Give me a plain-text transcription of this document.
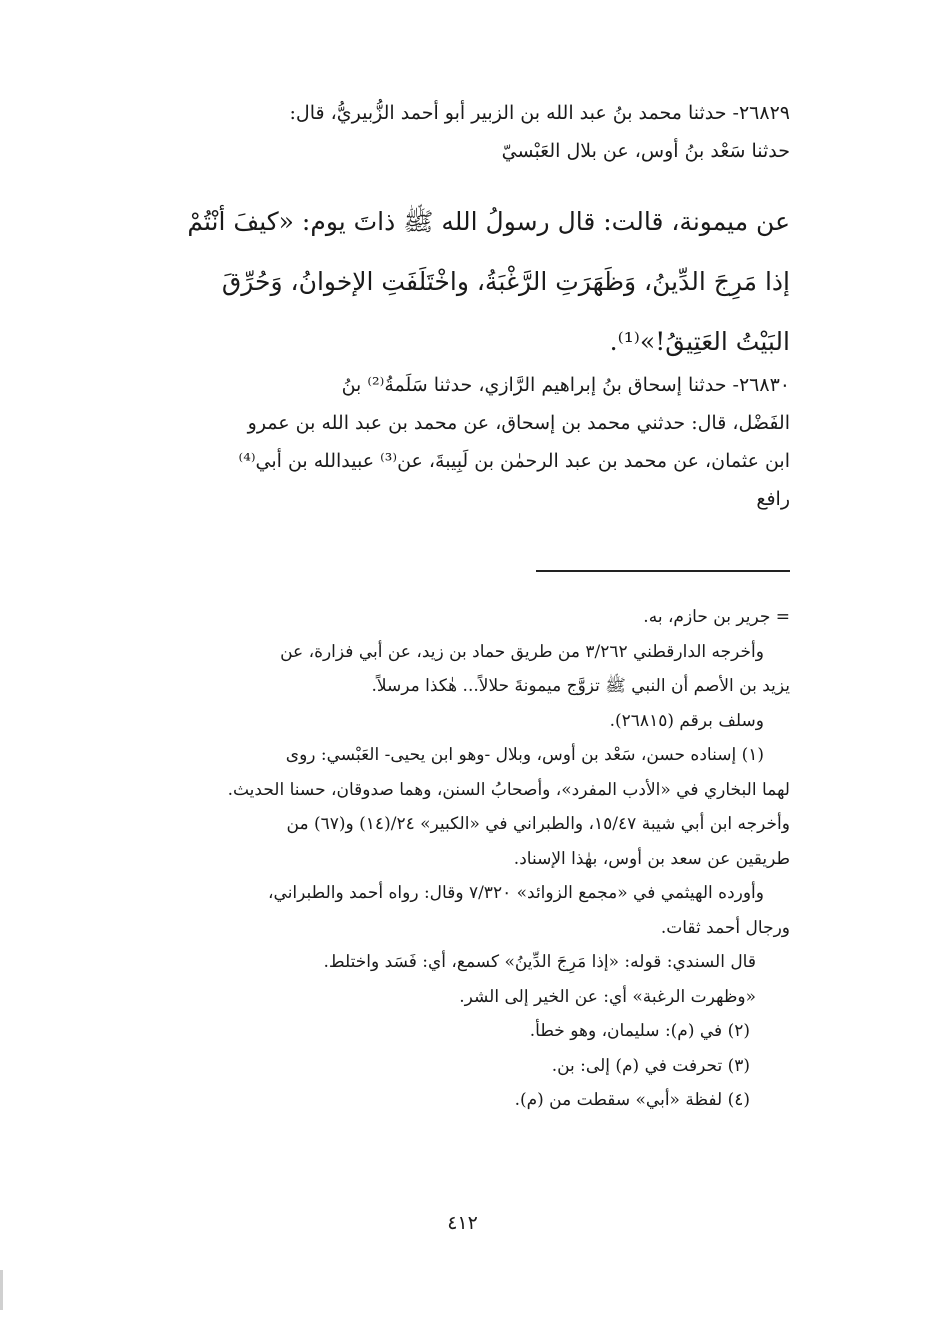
٢٦٨٢٩- حدثنا محمد بنُ عبد الله بن الزبير أبو أحمد الزُّبيريُّ، قال:
حدثنا سَعْد بنُ أوس، عن بلال العَبْسيّ
عن ميمونة، قالت: قال رسولُ الله ﷺ ذاتَ يوم: «كيفَ أنْتُمْ
إذا مَرِجَ الدِّينُ، وَظَهَرَتِ الرَّغْبَةُ، واخْتَلَفَتِ الإخوانُ، وَحُرِّقَ
البَيْتُ العَتِيقُ!»⁽¹⁾.
٢٦٨٣٠- حدثنا إسحاق بنُ إبراهيم الرَّازي، حدثنا سَلَمةُ⁽²⁾ بنُ
الفَضْل، قال: حدثني محمد بن إسحاق، عن محمد بن عبد الله بن عمرو
ابن عثمان، عن محمد بن عبد الرحمٰن بن لَبِيبةَ، عن⁽³⁾ عبيدالله بن أبي⁽⁴⁾
رافع
= جرير بن حازم، به.
وأخرجه الدارقطني ٣/٢٦٢ من طريق حماد بن زيد، عن أبي فزارة، عن
يزيد بن الأصم أن النبي ﷺ تزوَّج ميمونةَ حلالاً... هٰكذا مرسلاً.
وسلف برقم (٢٦٨١٥).
(١) إسناده حسن، سَعْد بن أوس، وبلال -وهو ابن يحيى- العَبْسي: روى
لهما البخاري في «الأدب المفرد»، وأصحابُ السنن، وهما صدوقان، حسنا الحديث.
وأخرجه ابن أبي شيبة ١٥/٤٧، والطبراني في «الكبير» ٢٤/(١٤) و(٦٧) من
طريقين عن سعد بن أوس، بهٰذا الإسناد.
وأورده الهيثمي في «مجمع الزوائد» ٧/٣٢٠ وقال: رواه أحمد والطبراني،
ورجال أحمد ثقات.
قال السندي: قوله: «إذا مَرِجَ الدِّينُ» كسمع، أي: فَسَد واختلط.
«وظهرت الرغبة» أي: عن الخير إلى الشر.
(٢) في (م): سليمان، وهو خطأ.
(٣) تحرفت في (م) إلى: بن.
(٤) لفظة «أبي» سقطت من (م).
٤١٢
